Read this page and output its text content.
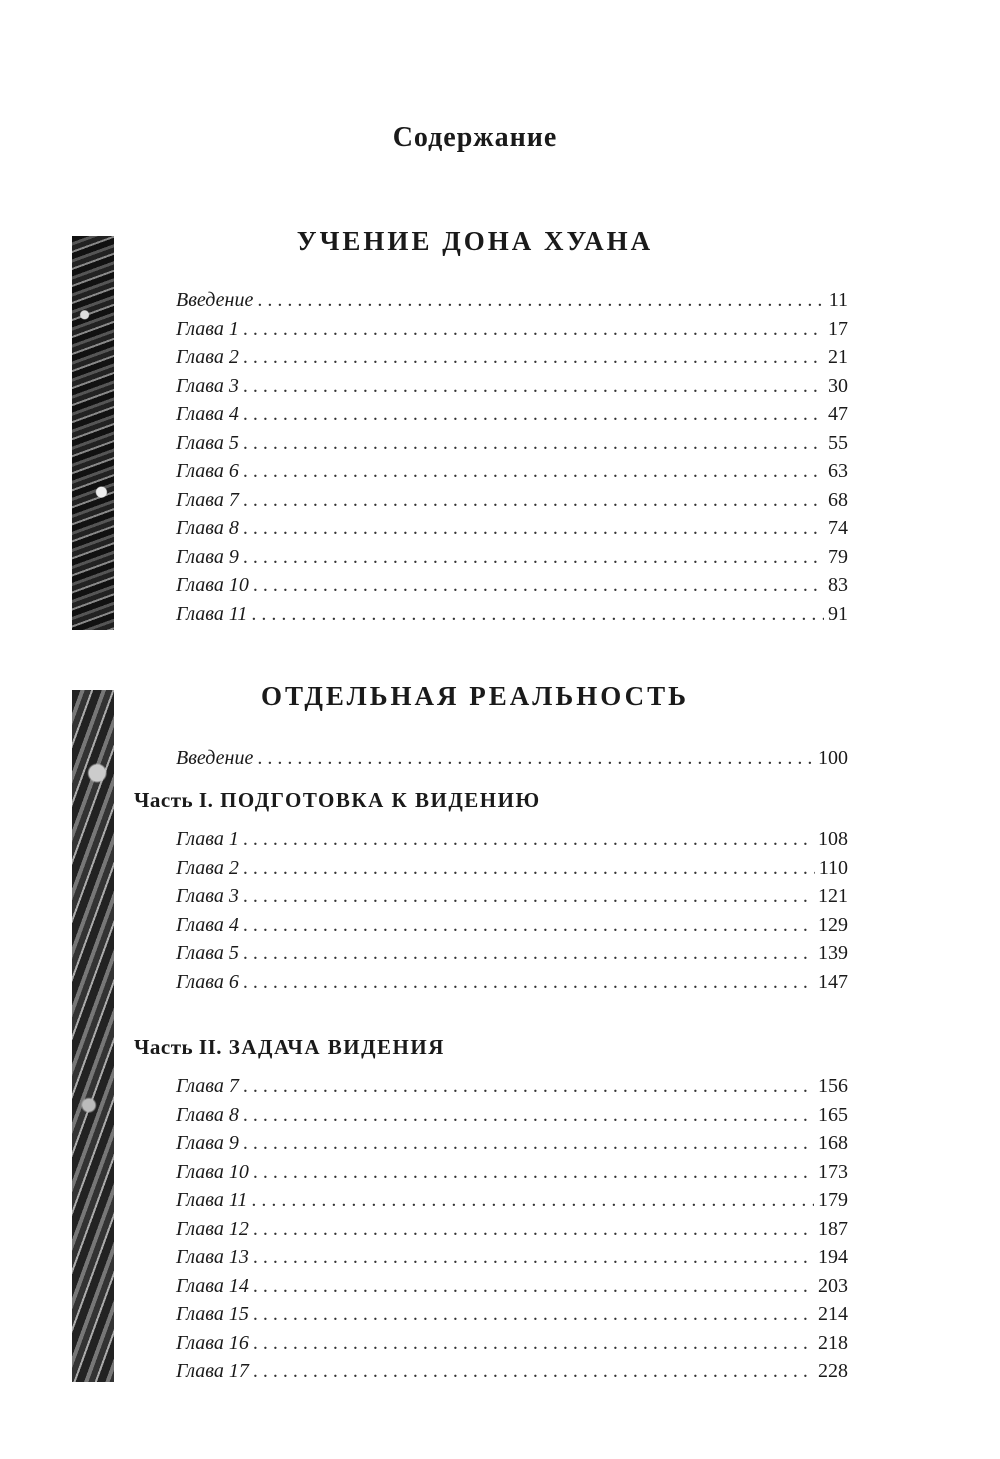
Содержание
УЧЕНИЕ ДОНА ХУАНА
Введение . . .	11
Глава 1 . . .	17
Глава 2 . . .	21
Глава 3 . . .	30
Глава 4 . . .	47
Глава 5 . . .	55
Глава 6 . . .	63
Глава 7 . . .	68
Глава 8 . . .	74
Глава 9 . . .	79
Глава 10 . . .	83
Глава 11 . . .	91
ОТДЕЛЬНАЯ РЕАЛЬНОСТЬ
Введение . . .	100
Часть I. ПОДГОТОВКА К ВИДЕНИЮ
Глава 1 . . .	108
Глава 2 . . .	110
Глава 3 . . .	121
Глава 4 . . .	129
Глава 5 . . .	139
Глава 6 . . .	147
Часть II. ЗАДАЧА ВИДЕНИЯ
Глава 7 . . .	156
Глава 8 . . .	165
Глава 9 . . .	168
Глава 10 . . .	173
Глава 11 . . .	179
Глава 12 . . .	187
Глава 13 . . .	194
Глава 14 . . .	203
Глава 15 . . .	214
Глава 16 . . .	218
Глава 17 . . .	228
